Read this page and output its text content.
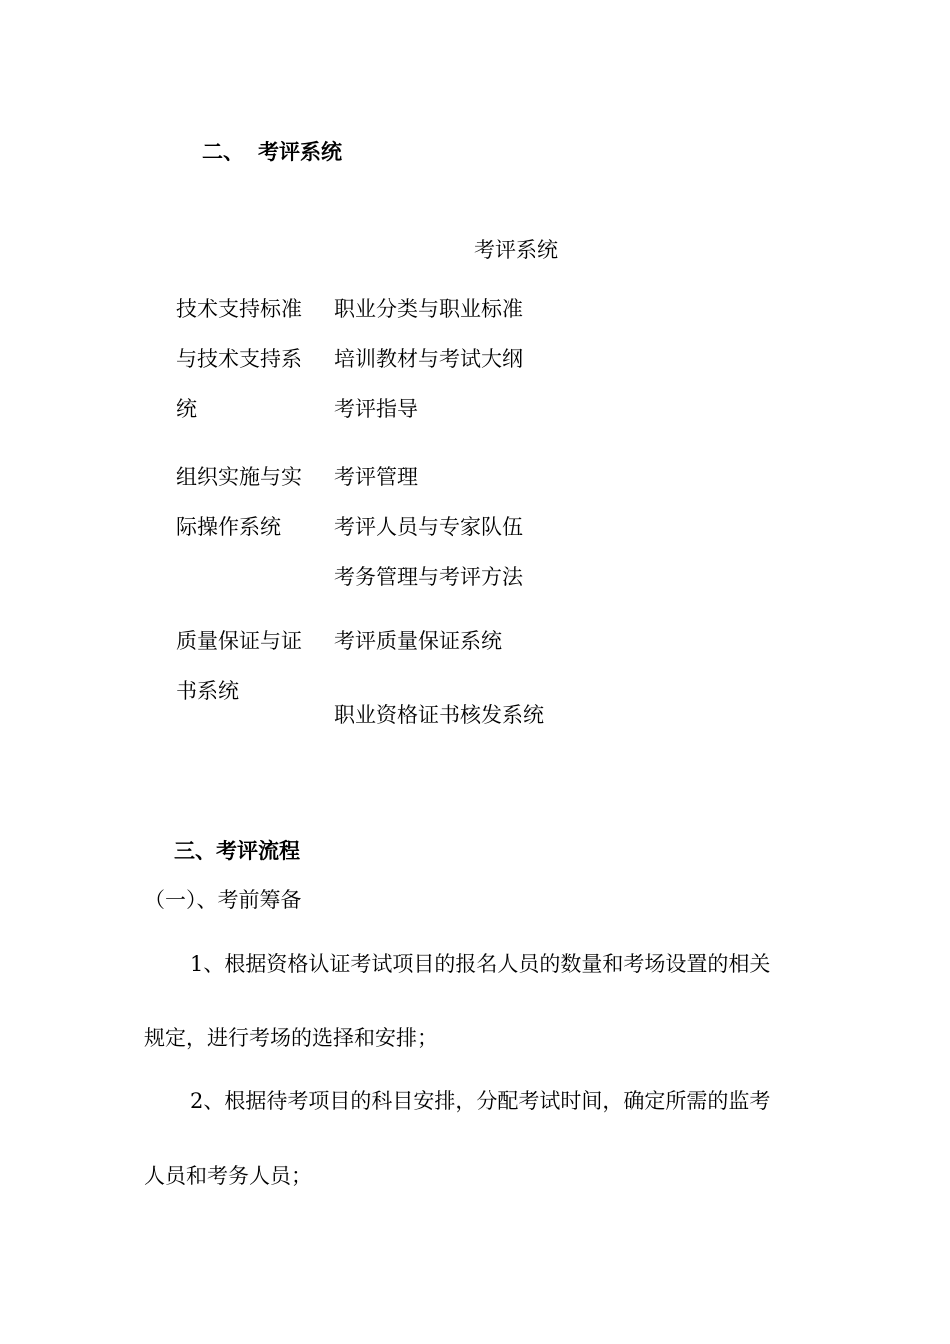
二、 考评系统
考评系统
技术支持标准
与技术支持系
统
职业分类与职业标准
培训教材与考试大纲
考评指导
组织实施与实
际操作系统
考评管理
考评人员与专家队伍
考务管理与考评方法
质量保证与证
书系统
考评质量保证系统
职业资格证书核发系统
三、考评流程
（一）、考前筹备
1、根据资格认证考试项目的报名人员的数量和考场设置的相关
规定，进行考场的选择和安排；
2、根据待考项目的科目安排，分配考试时间，确定所需的监考
人员和考务人员；
